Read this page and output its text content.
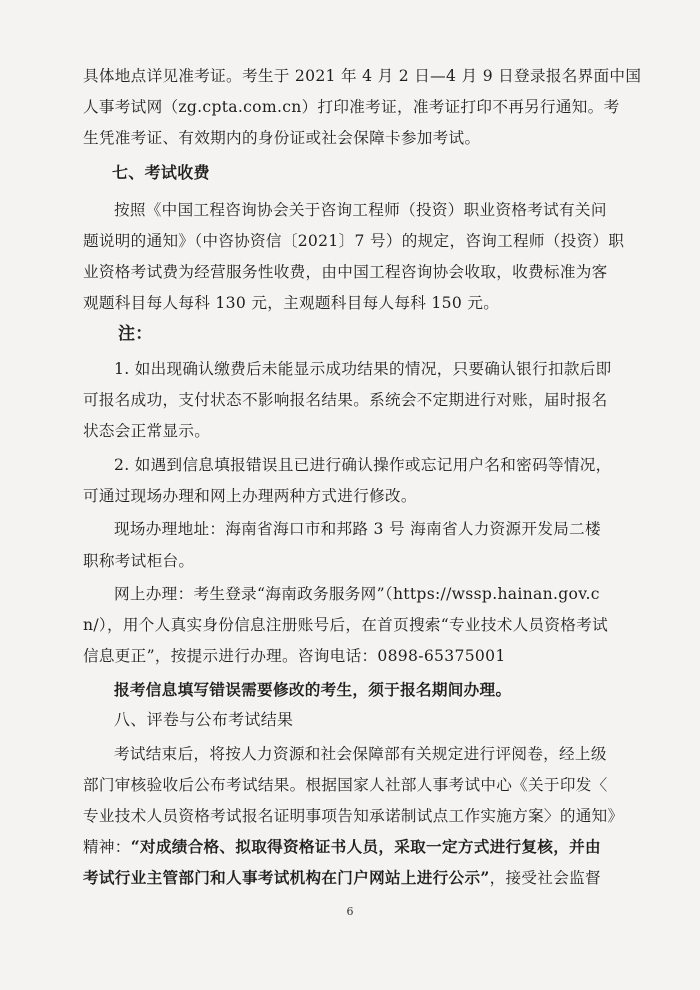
具体地点详见准考证。考生于 2021 年 4 月 2 日—4 月 9 日登录报名界面中国
人事考试网（zg.cpta.com.cn）打印准考证，准考证打印不再另行通知。考
生凭准考证、有效期内的身份证或社会保障卡参加考试。
七、考试收费
按照《中国工程咨询协会关于咨询工程师（投资）职业资格考试有关问
题说明的通知》（中咨协资信〔2021〕7 号）的规定，咨询工程师（投资）职
业资格考试费为经营服务性收费，由中国工程咨询协会收取，收费标准为客
观题科目每人每科 130 元，主观题科目每人每科 150 元。
注：
1. 如出现确认缴费后未能显示成功结果的情况，只要确认银行扣款后即
可报名成功，支付状态不影响报名结果。系统会不定期进行对账，届时报名
状态会正常显示。
2. 如遇到信息填报错误且已进行确认操作或忘记用户名和密码等情况，
可通过现场办理和网上办理两种方式进行修改。
现场办理地址：海南省海口市和邦路 3 号 海南省人力资源开发局二楼
职称考试柜台。
网上办理：考生登录“海南政务服务网”（https://wssp.hainan.gov.c
n/），用个人真实身份信息注册账号后，在首页搜索“专业技术人员资格考试
信息更正”，按提示进行办理。咨询电话：0898-65375001
报考信息填写错误需要修改的考生，须于报名期间办理。
八、评卷与公布考试结果
考试结束后，将按人力资源和社会保障部有关规定进行评阅卷，经上级
部门审核验收后公布考试结果。根据国家人社部人事考试中心《关于印发〈
专业技术人员资格考试报名证明事项告知承诺制试点工作实施方案〉的通知》
精神：“对成绩合格、拟取得资格证书人员，采取一定方式进行复核，并由
考试行业主管部门和人事考试机构在门户网站上进行公示”，接受社会监督
6
